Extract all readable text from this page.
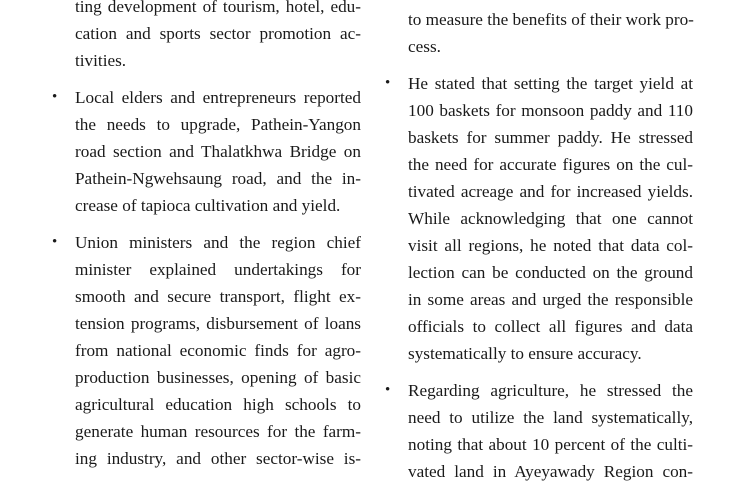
ting development of tourism, hotel, edu-
cation and sports sector promotion ac-
tivities.
• Local elders and entrepreneurs reported
the needs to upgrade, Pathein-Yangon
road section and Thalatkhwa Bridge on
Pathein-Ngwehsaung road, and the in-
crease of tapioca cultivation and yield.
• Union ministers and the region chief
minister explained undertakings for
smooth and secure transport, flight ex-
tension programs, disbursement of loans
from national economic finds for agro-
production businesses, opening of basic
agricultural education high schools to
generate human resources for the farm-
ing industry, and other sector-wise is-
to measure the benefits of their work pro-
cess.
• He stated that setting the target yield at
100 baskets for monsoon paddy and 110
baskets for summer paddy. He stressed
the need for accurate figures on the cul-
tivated acreage and for increased yields.
While acknowledging that one cannot
visit all regions, he noted that data col-
lection can be conducted on the ground
in some areas and urged the responsible
officials to collect all figures and data
systematically to ensure accuracy.
• Regarding agriculture, he stressed the
need to utilize the land systematically,
noting that about 10 percent of the culti-
vated land in Ayeyawady Region con-
